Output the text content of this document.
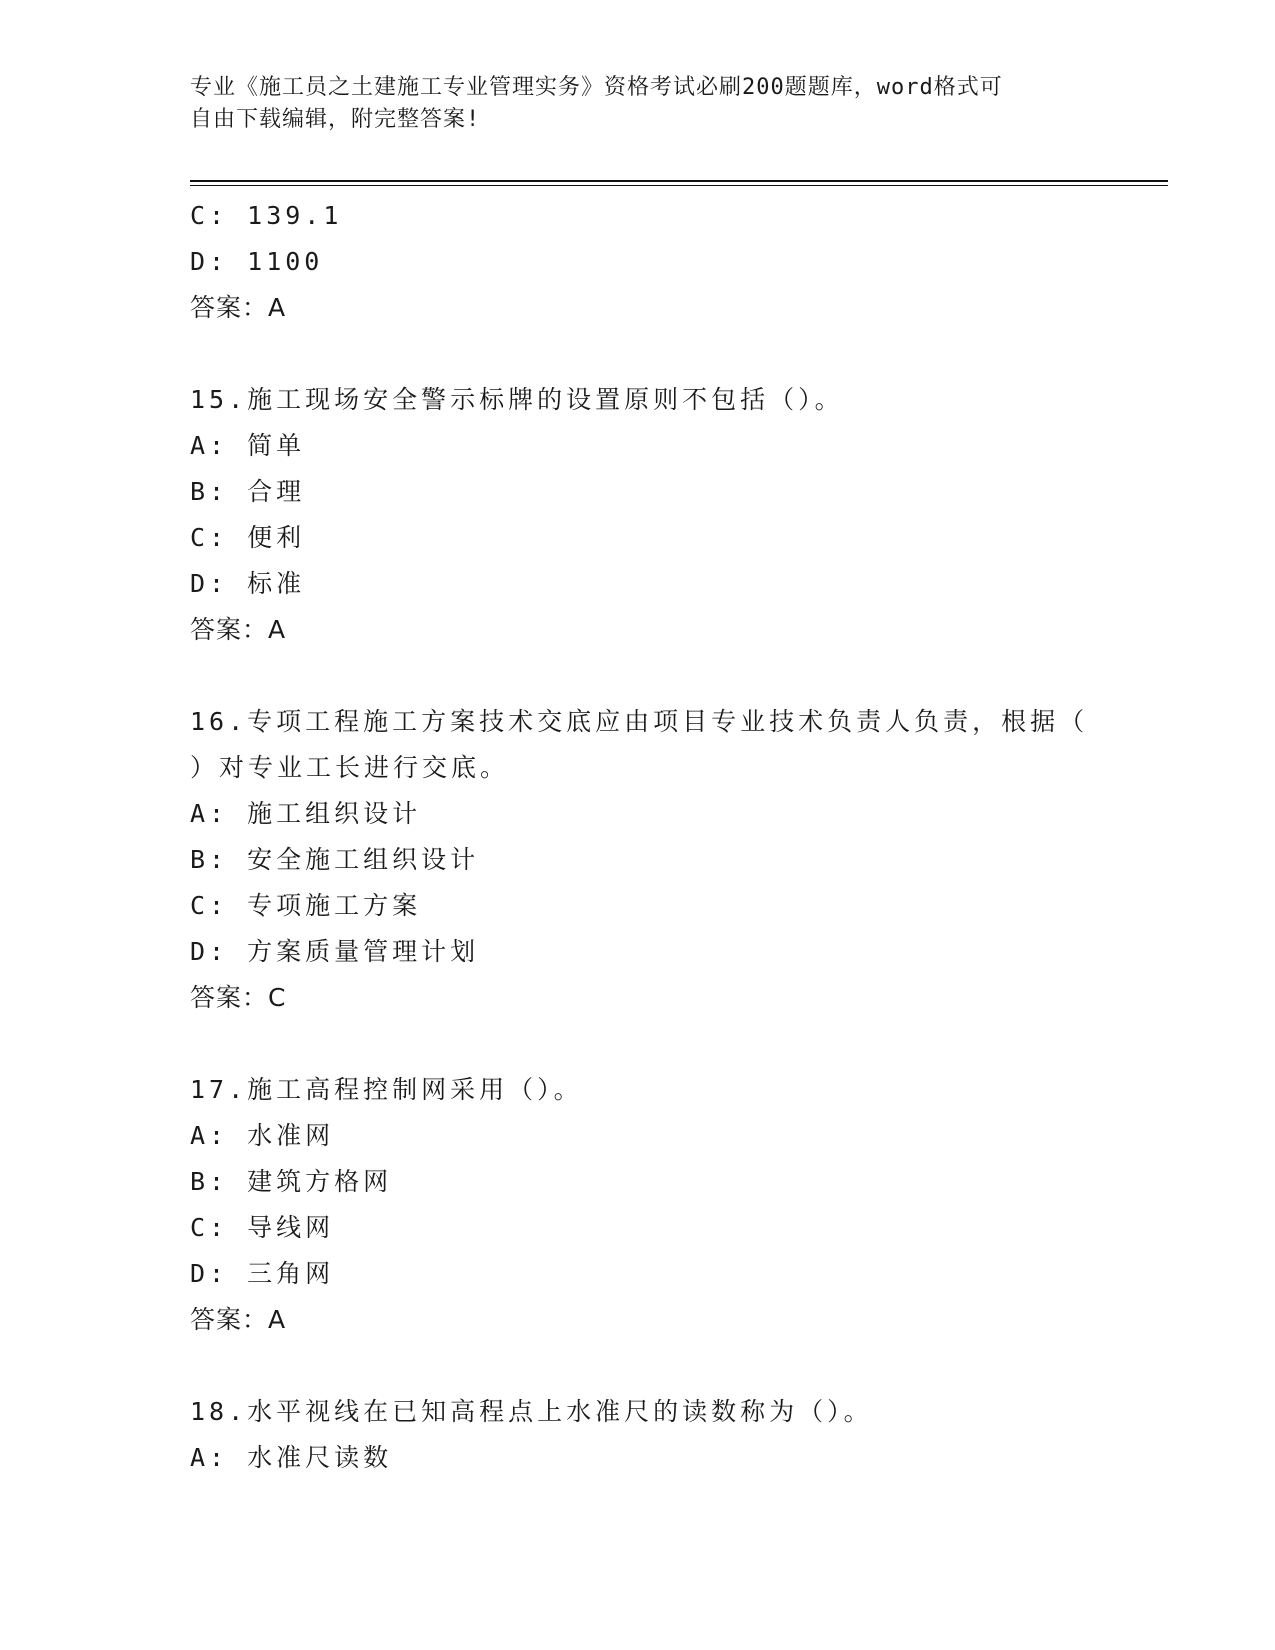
专业《施工员之土建施工专业管理实务》资格考试必刷200题题库，word格式可
自由下载编辑，附完整答案!
C: 139.1
D: 1100
答案：A
15.施工现场安全警示标牌的设置原则不包括（）。
A: 简单
B: 合理
C: 便利
D: 标准
答案：A
16.专项工程施工方案技术交底应由项目专业技术负责人负责，根据（
）对专业工长进行交底。
A: 施工组织设计
B: 安全施工组织设计
C: 专项施工方案
D: 方案质量管理计划
答案：C
17.施工高程控制网采用（）。
A: 水准网
B: 建筑方格网
C: 导线网
D: 三角网
答案：A
18.水平视线在已知高程点上水准尺的读数称为（）。
A: 水准尺读数
